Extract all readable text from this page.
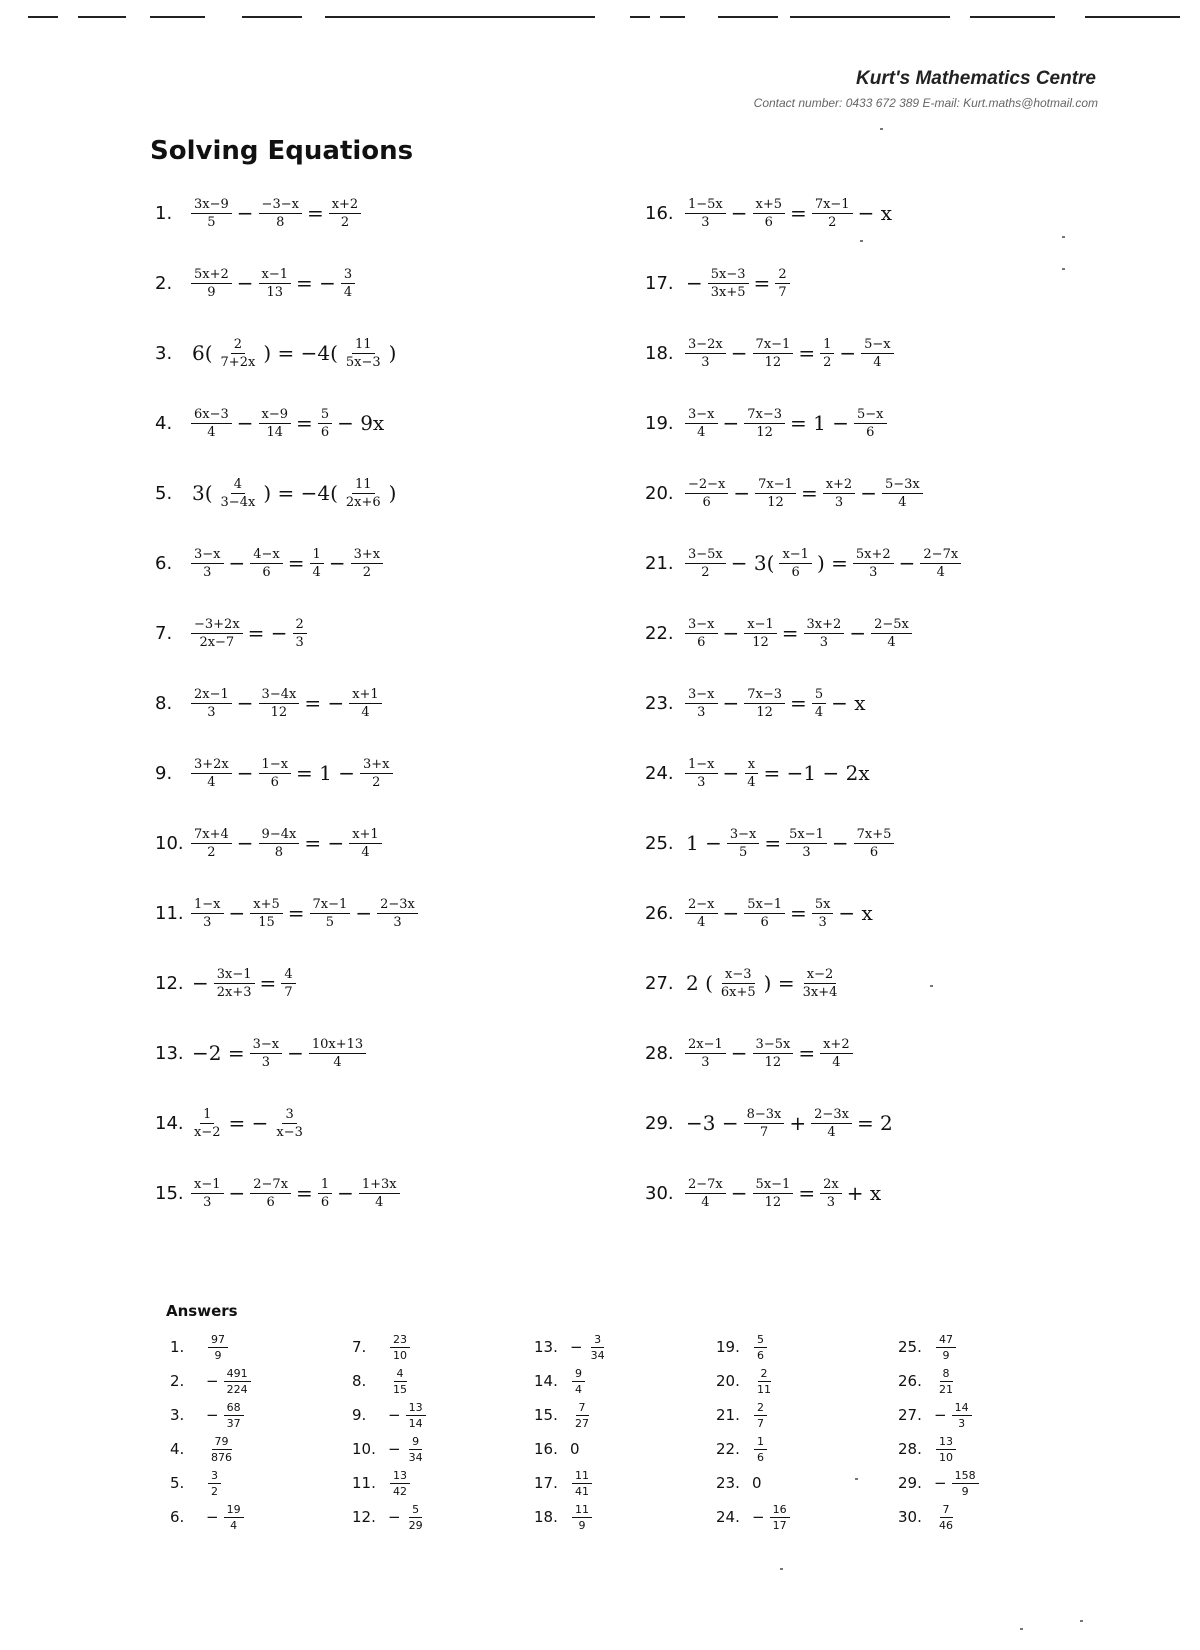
Kurt's Mathematics Centre
Contact number: 0433 672 389 E-mail: Kurt.maths@hotmail.com
Solving Equations
1.	$\frac{3x-9}{5} - \frac{-3-x}{8} = \frac{x+2}{2}$
2.	$\frac{5x+2}{9} - \frac{x-1}{13}$ = − $\frac{3}{4}$
3. $6( \frac{2}{7+2x}$ ) = $-4( \frac{11}{5x-3}$ )
4.	$\frac{6x-3}{4} - \frac{x-9}{14} = \frac{5}{6} - 9x$
5. $3( \frac{4}{3-4x}$ ) = $-4( \frac{11}{2x+6}$ )
6.	$\frac{3-x}{3} - \frac{4-x}{6} = \frac{1}{4} - \frac{3+x}{2}$
7.	$\frac{-3+2x}{2x-7}$ = − $\frac{2}{3}$
8.	$\frac{2x-1}{3} - \frac{3-4x}{12}$ = − $\frac{x+1}{4}$
9.	$\frac{3+2x}{4} - \frac{1-x}{6} = 1 - \frac{3+x}{2}$
10. $\frac{7x+4}{2} - \frac{9-4x}{8}$ = − $\frac{x+1}{4}$
11. $\frac{1-x}{3} - \frac{x+5}{15} = \frac{7x-1}{5} - \frac{2-3x}{3}$
12. − $\frac{3x-1}{2x+3} = \frac{4}{7}$
13. $-2 = \frac{3-x}{3} - \frac{10x+13}{4}$
14. $\frac{1}{x-2}$ = − $\frac{3}{x-3}$
15. $\frac{x-1}{3} - \frac{2-7x}{6} = \frac{1}{6} - \frac{1+3x}{4}$
16. $\frac{1-5x}{3} - \frac{x+5}{6} = \frac{7x-1}{2} - x$
17. − $\frac{5x-3}{3x+5} = \frac{2}{7}$
18. $\frac{3-2x}{3} - \frac{7x-1}{12} = \frac{1}{2} - \frac{5-x}{4}$
19. $\frac{3-x}{4} - \frac{7x-3}{12} = 1 - \frac{5-x}{6}$
20. $\frac{-2-x}{6} - \frac{7x-1}{12} = \frac{x+2}{3} - \frac{5-3x}{4}$
21. $\frac{3-5x}{2} - 3( \frac{x-1}{6}$ ) = $\frac{5x+2}{3} - \frac{2-7x}{4}$
22. $\frac{3-x}{6} - \frac{x-1}{12} = \frac{3x+2}{3} - \frac{2-5x}{4}$
23. $\frac{3-x}{3} - \frac{7x-3}{12} = \frac{5}{4} - x$
24. $\frac{1-x}{3} - \frac{x}{4} = -1 - 2x$
25. $1 - \frac{3-x}{5} = \frac{5x-1}{3} - \frac{7x+5}{6}$
26. $\frac{2-x}{4} - \frac{5x-1}{6} = \frac{5x}{3} - x$
27. 2 ( $\frac{x-3}{6x+5}$ ) = $\frac{x-2}{3x+4}$
28. $\frac{2x-1}{3} - \frac{3-5x}{12} = \frac{x+2}{4}$
29. $-3 - \frac{8-3x}{7} + \frac{2-3x}{4} = 2$
30. $\frac{2-7x}{4} - \frac{5x-1}{12} = \frac{2x}{3} + x$
Answers
1.	$\frac{97}{9}$
2.	− $\frac{491}{224}$
3.	− $\frac{68}{37}$
4.	$\frac{79}{876}$
5.	$\frac{3}{2}$
6.	− $\frac{19}{4}$
7.	$\frac{23}{10}$
8.	$\frac{4}{15}$
9.	− $\frac{13}{14}$
10. − $\frac{9}{34}$
11.	$\frac{13}{42}$
12. − $\frac{5}{29}$
13. − $\frac{3}{34}$
14.	$\frac{9}{4}$
15.	$\frac{7}{27}$
16. 0
17.	$\frac{11}{41}$
18.	$\frac{11}{9}$
19.	$\frac{5}{6}$
20.	$\frac{2}{11}$
21.	$\frac{2}{7}$
22.	$\frac{1}{6}$
23. 0
24. − $\frac{16}{17}$
25.	$\frac{47}{9}$
26.	$\frac{8}{21}$
27. − $\frac{14}{3}$
28.	$\frac{13}{10}$
29. − $\frac{158}{9}$
30.	$\frac{7}{46}$
